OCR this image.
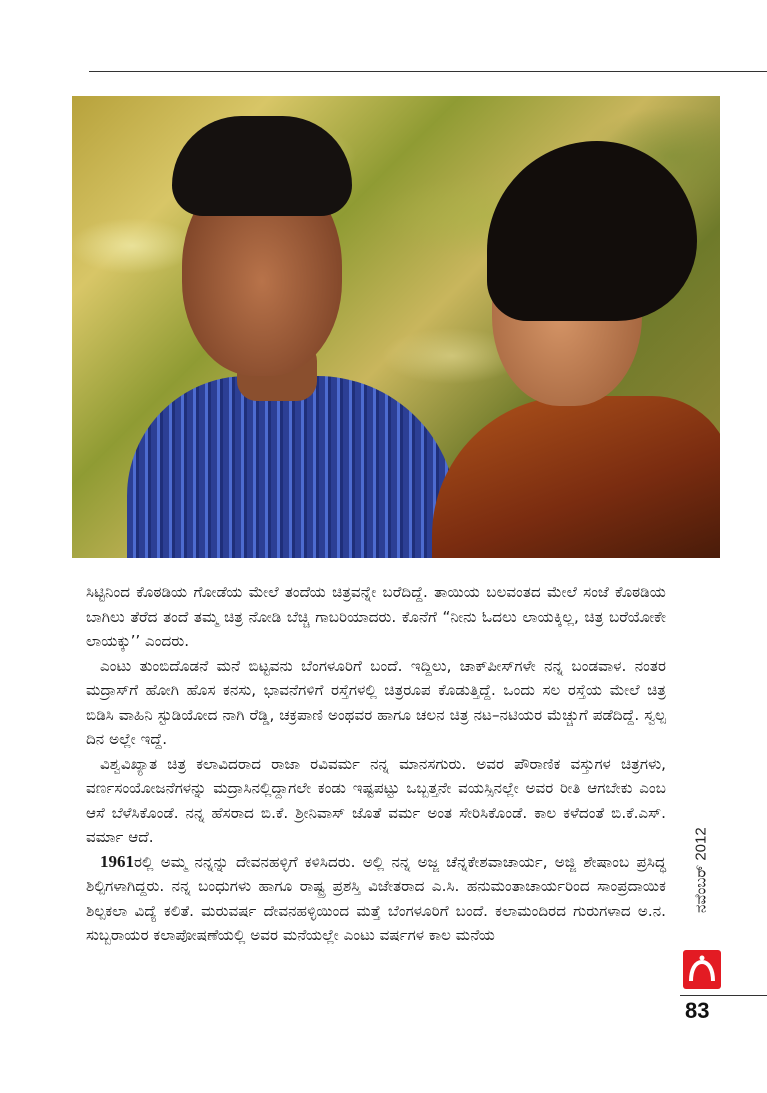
ಸಿಟ್ಟಿನಿಂದ ಕೊಠಡಿಯ ಗೋಡೆಯ ಮೇಲೆ ತಂದೆಯ ಚಿತ್ರವನ್ನೇ ಬರೆದಿದ್ದೆ. ತಾಯಿಯ ಬಲವಂತದ ಮೇಲೆ ಸಂಜೆ ಕೊಠಡಿಯ ಬಾಗಿಲು ತೆರೆದ ತಂದೆ ತಮ್ಮ ಚಿತ್ರ ನೋಡಿ ಬೆಚ್ಚಿ ಗಾಬರಿಯಾದರು. ಕೊನೆಗೆ “ನೀನು ಓದಲು ಲಾಯಕ್ಕಿಲ್ಲ, ಚಿತ್ರ ಬರೆಯೋಕೇ ಲಾಯಕ್ಕು’’ ಎಂದರು.

ಎಂಟು ತುಂಬಿದೊಡನೆ ಮನೆ ಬಿಟ್ಟವನು ಬೆಂಗಳೂರಿಗೆ ಬಂದೆ. ಇದ್ದಿಲು, ಚಾಕ್‌ಪೀಸ್‌ಗಳೇ ನನ್ನ ಬಂಡವಾಳ. ನಂತರ ಮದ್ರಾಸ್‌ಗೆ ಹೋಗಿ ಹೊಸ ಕನಸು, ಭಾವನೆಗಳಿಗೆ ರಸ್ತೆಗಳಲ್ಲಿ ಚಿತ್ರರೂಪ ಕೊಡುತ್ತಿದ್ದೆ. ಒಂದು ಸಲ ರಸ್ತೆಯ ಮೇಲೆ ಚಿತ್ರ ಬಿಡಿಸಿ ವಾಹಿನಿ ಸ್ಟುಡಿಯೋದ ನಾಗಿ ರೆಡ್ಡಿ, ಚಕ್ರಪಾಣಿ ಅಂಥವರ ಹಾಗೂ ಚಲನ ಚಿತ್ರ ನಟ–ನಟಿಯರ ಮೆಚ್ಚುಗೆ ಪಡೆದಿದ್ದೆ. ಸ್ವಲ್ಪ ದಿನ ಅಲ್ಲೇ ಇದ್ದೆ.

ವಿಶ್ವವಿಖ್ಯಾತ ಚಿತ್ರ ಕಲಾವಿದರಾದ ರಾಜಾ ರವಿವರ್ಮ ನನ್ನ ಮಾನಸಗುರು. ಅವರ ಪೌರಾಣಿಕ ವಸ್ತುಗಳ ಚಿತ್ರಗಳು, ವರ್ಣಸಂಯೋಜನೆಗಳನ್ನು ಮದ್ರಾಸಿನಲ್ಲಿದ್ದಾಗಲೇ ಕಂಡು ಇಷ್ಟಪಟ್ಟು ಒಬ್ಬತ್ತನೇ ವಯಸ್ಸಿನಲ್ಲೇ ಅವರ ರೀತಿ ಆಗಬೇಕು ಎಂಬ ಆಸೆ ಬೆಳೆಸಿಕೊಂಡೆ. ನನ್ನ ಹೆಸರಾದ ಬಿ.ಕೆ. ಶ್ರೀನಿವಾಸ್ ಜೊತೆ ವರ್ಮ ಅಂತ ಸೇರಿಸಿಕೊಂಡೆ. ಕಾಲ ಕಳೆದಂತೆ ಬಿ.ಕೆ.ಎಸ್. ವರ್ಮಾ ಆದೆ.

1961ರಲ್ಲಿ ಅಮ್ಮ ನನ್ನನ್ನು ದೇವನಹಳ್ಳಿಗೆ ಕಳಿಸಿದರು. ಅಲ್ಲಿ ನನ್ನ ಅಜ್ಜ ಚೆನ್ನಕೇಶವಾಚಾರ್ಯ, ಅಜ್ಜಿ ಶೇಷಾಂಬ ಪ್ರಸಿದ್ಧ ಶಿಲ್ಪಿಗಳಾಗಿದ್ದರು. ನನ್ನ ಬಂಧುಗಳು ಹಾಗೂ ರಾಷ್ಟ್ರ ಪ್ರಶಸ್ತಿ ವಿಜೇತರಾದ ಎ.ಸಿ. ಹನುಮಂತಾಚಾರ್ಯರಿಂದ ಸಾಂಪ್ರದಾಯಿಕ ಶಿಲ್ಪಕಲಾ ವಿದ್ಯೆ ಕಲಿತೆ. ಮರುವರ್ಷ ದೇವನಹಳ್ಳಿಯಿಂದ ಮತ್ತೆ ಬೆಂಗಳೂರಿಗೆ ಬಂದೆ. ಕಲಾಮಂದಿರದ ಗುರುಗಳಾದ ಅ.ನ. ಸುಬ್ಬರಾಯರ ಕಲಾಪೋಷಣೆಯಲ್ಲಿ ಅವರ ಮನೆಯಲ್ಲೇ ಎಂಟು ವರ್ಷಗಳ ಕಾಲ ಮನೆಯ

ನವೆಂಬರ್ 2012
83
